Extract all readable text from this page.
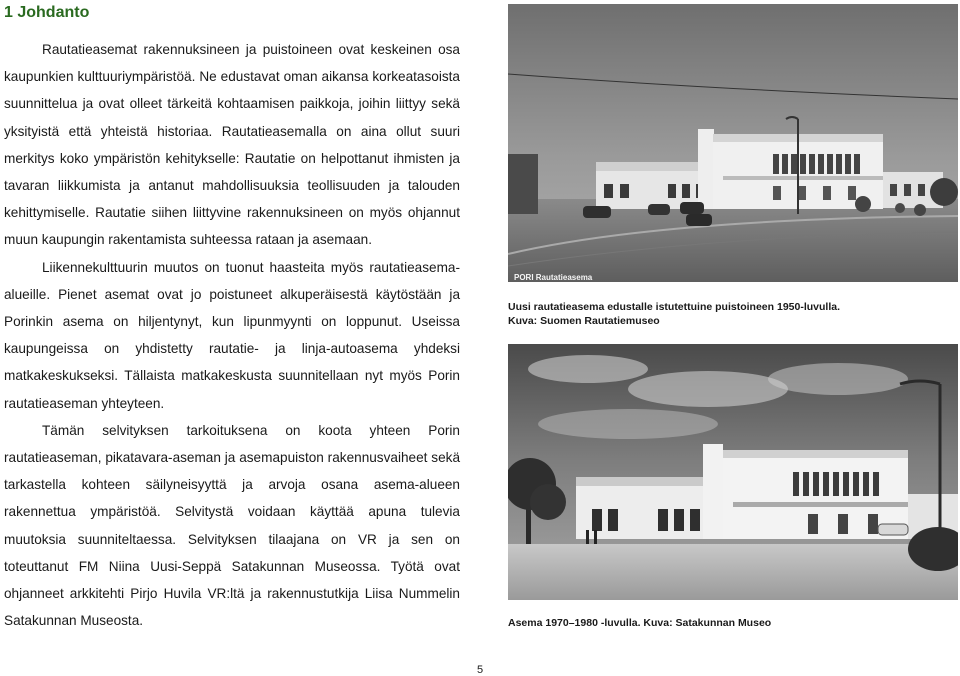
1 Johdanto

Rautatieasemat rakennuksineen ja puistoineen ovat keskeinen osa kaupunkien kulttuuriympäristöä. Ne edustavat oman aikansa korkeatasoista suunnittelua ja ovat olleet tärkeitä kohtaamisen paikkoja, joihin liittyy sekä yksityistä että yhteistä historiaa. Rautatieasemalla on aina ollut suuri merkitys koko ympäristön kehitykselle: Rautatie on helpottanut ihmisten ja tavaran liikkumista ja antanut mahdollisuuksia teollisuuden ja talouden kehittymiselle. Rautatie siihen liittyvine rakennuksineen on myös ohjannut muun kaupungin rakentamista suhteessa rataan ja asemaan.

Liikennekulttuurin muutos on tuonut haasteita myös rautatieasema-alueille. Pienet asemat ovat jo poistuneet alkuperäisestä käytöstään ja Porinkin asema on hiljentynyt, kun lipunmyynti on loppunut. Useissa kaupungeissa on yhdistetty rautatie- ja linja-autoasema yhdeksi matkakeskukseksi. Tällaista matkakeskusta suunnitellaan nyt myös Porin rautatieaseman yhteyteen.

Tämän selvityksen tarkoituksena on koota yhteen Porin rautatieaseman, pikatavara-aseman ja asemapuiston rakennusvaiheet sekä tarkastella kohteen säilyneisyyttä ja arvoja osana asema-alueen rakennettua ympäristöä. Selvitystä voidaan käyttää apuna tulevia muutoksia suunniteltaessa. Selvityksen tilaajana on VR ja sen on toteuttanut FM Niina Uusi-Seppä Satakunnan Museossa. Työtä ovat ohjanneet arkkitehti Pirjo Huvila VR:ltä ja rakennustutkija Liisa Nummelin Satakunnan Museosta.

PORI Rautatieasema
Uusi rautatieasema edustalle istutettuine puistoineen 1950-luvulla.
Kuva: Suomen Rautatiemuseo
Asema 1970–1980 -luvulla. Kuva: Satakunnan Museo
5
